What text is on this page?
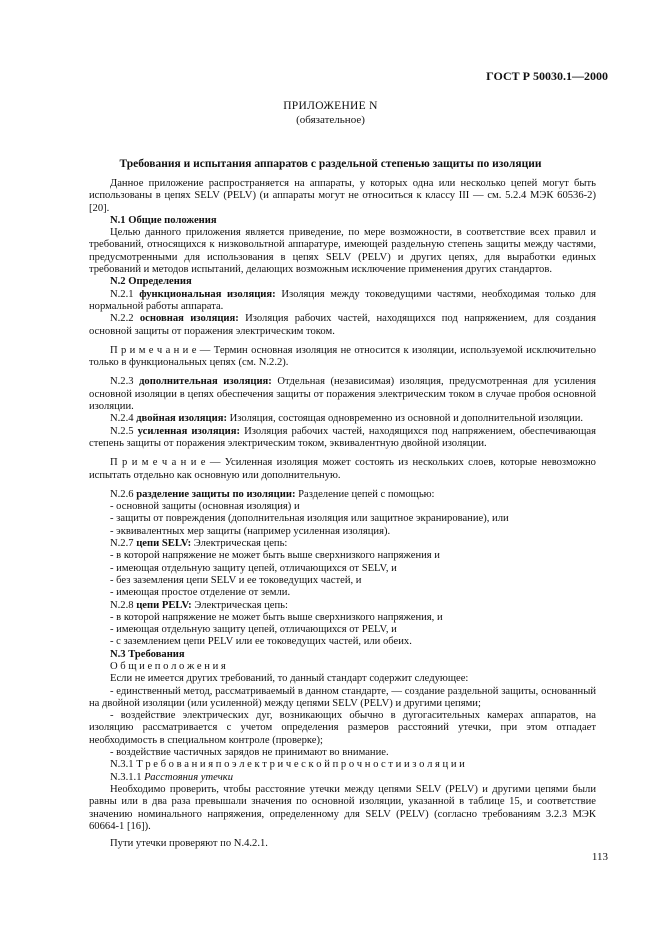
ГОСТ Р 50030.1—2000
ПРИЛОЖЕНИЕ N
(обязательное)
Требования и испытания аппаратов с раздельной степенью защиты по изоляции

Данное приложение распространяется на аппараты, у которых одна или несколько цепей могут быть использованы в цепях SELV (PELV) (и аппараты могут не относиться к классу III — см. 5.2.4 МЭК 60536-2) [20].

N.1 Общие положения

Целью данного приложения является приведение, по мере возможности, в соответствие всех правил и требований, относящихся к низковольтной аппаратуре, имеющей раздельную степень защиты между частями, предусмотренными для использования в цепях SELV (PELV) и других цепях, для выработки единых требований и методов испытаний, делающих возможным исключение применения других стандартов.

N.2 Определения

N.2.1 функциональная изоляция: Изоляция между токоведущими частями, необходимая только для нормальной работы аппарата.

N.2.2 основная изоляция: Изоляция рабочих частей, находящихся под напряжением, для создания основной защиты от поражения электрическим током.

П р и м е ч а н и е — Термин основная изоляция не относится к изоляции, используемой исключительно только в функциональных цепях (см. N.2.2).

N.2.3 дополнительная изоляция: Отдельная (независимая) изоляция, предусмотренная для усиления основной изоляции в цепях обеспечения защиты от поражения электрическим током в случае пробоя основной изоляции.

N.2.4 двойная изоляция: Изоляция, состоящая одновременно из основной и дополнительной изоляции.

N.2.5 усиленная изоляция: Изоляция рабочих частей, находящихся под напряжением, обеспечивающая степень защиты от поражения электрическим током, эквивалентную двойной изоляции.

П р и м е ч а н и е — Усиленная изоляция может состоять из нескольких слоев, которые невозможно испытать отдельно как основную или дополнительную.

N.2.6 разделение защиты по изоляции: Разделение цепей с помощью:

- основной защиты (основная изоляция) и

- защиты от повреждения (дополнительная изоляция или защитное экранирование), или

- эквивалентных мер защиты (например усиленная изоляция).

N.2.7 цепи SELV: Электрическая цепь:

- в которой напряжение не может быть выше сверхнизкого напряжения и

- имеющая отдельную защиту цепей, отличающихся от SELV, и

- без заземления цепи SELV и ее токоведущих частей, и

- имеющая простое отделение от земли.

N.2.8 цепи PELV: Электрическая цепь:

- в которой напряжение не может быть выше сверхнизкого напряжения, и

- имеющая отдельную защиту цепей, отличающихся от PELV, и

- с заземлением цепи PELV или ее токоведущих частей, или обеих.

N.3 Требования

О б щ и е п о л о ж е н и я

Если не имеется других требований, то данный стандарт содержит следующее:

- единственный метод, рассматриваемый в данном стандарте, — создание раздельной защиты, основанный на двойной изоляции (или усиленной) между цепями SELV (PELV) и другими цепями;

- воздействие электрических дуг, возникающих обычно в дугогасительных камерах аппаратов, на изоляцию рассматривается с учетом определения размеров расстояний утечки, при этом отпадает необходимость в специальном контроле (проверке);

- воздействие частичных зарядов не принимают во внимание.

N.3.1 Т р е б о в а н и я п о э л е к т р и ч е с к о й п р о ч н о с т и и з о л я ц и и

N.3.1.1 Расстояния утечки

Необходимо проверить, чтобы расстояние утечки между цепями SELV (PELV) и другими цепями были равны или в два раза превышали значения по основной изоляции, указанной в таблице 15, и соответствие значению номинального напряжения, определенному для SELV (PELV) (согласно требованиям 3.2.3 МЭК 60664-1 [16]).

Пути утечки проверяют по N.4.2.1.

113
